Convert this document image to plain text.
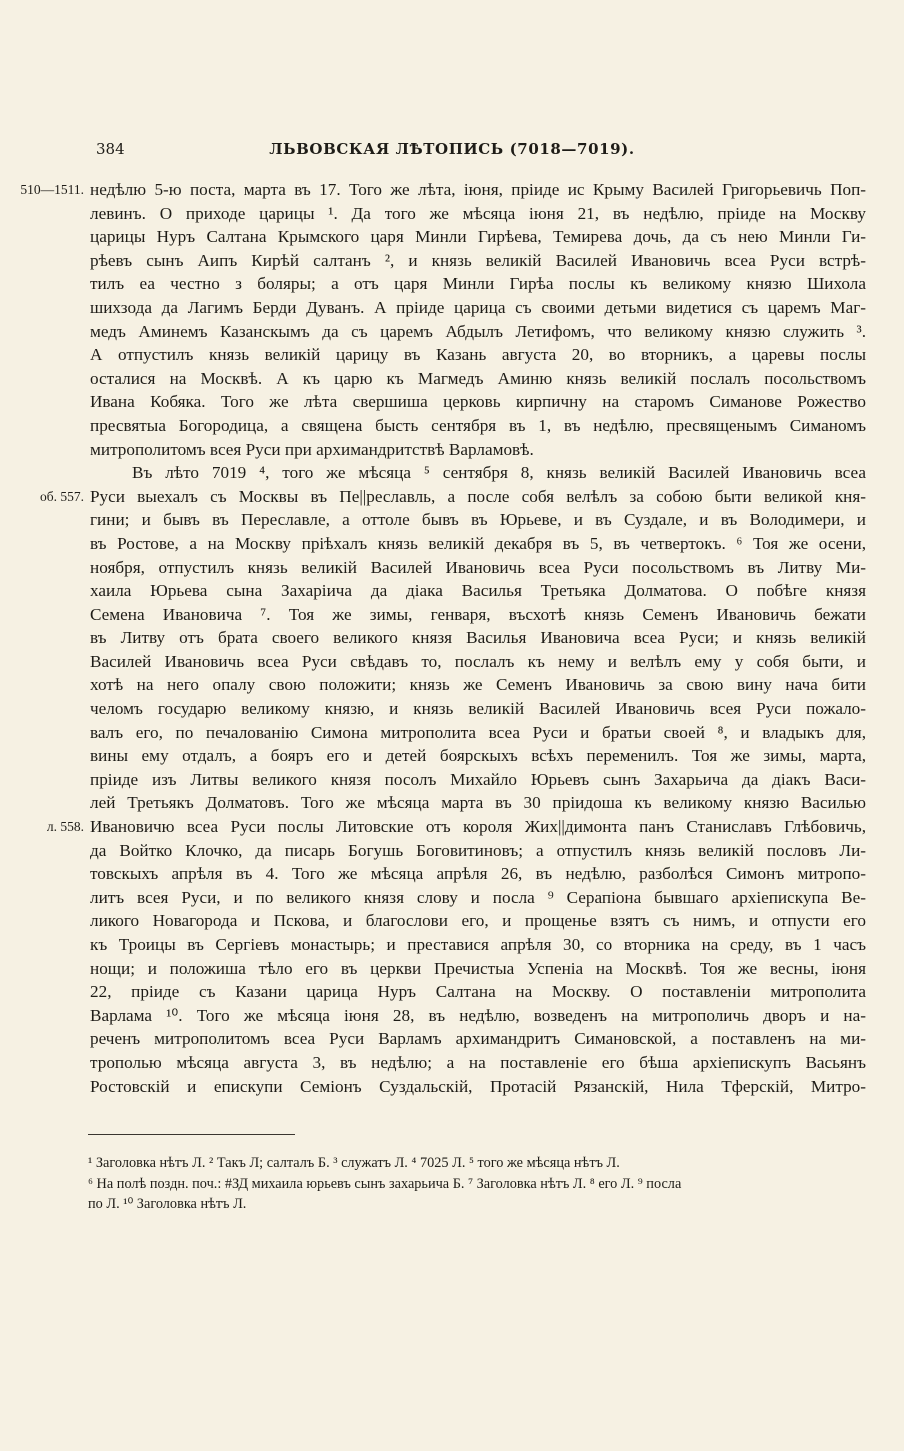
384	ЛЬВОВСКАЯ ЛѢТОПИСЬ (7018—7019).
недѣлю 5-ю поста, марта въ 17. Того же лѣта, iюня, прiиде ис Крыму Василей Григорьевичь Поп-
510—1511.
левинъ. О приходе царицы ¹. Да того же мѣсяца iюня 21, въ недѣлю, прiиде на Москву
царицы Нуръ Салтана Крымского царя Минли Гирѣева, Темирева дочь, да съ нею Минли Ги-
рѣевъ сынъ Аипъ Кирѣй салтанъ ², и князь великiй Василей Ивановичь всеа Руси встрѣ-
тилъ еа честно з боляры; а отъ царя Минли Гирѣа послы къ великому князю Шихола
шихзода да Лагимъ Берди Дуванъ. А прiиде царица съ своими детьми видетися съ царемъ Маг-
медъ Аминемъ Казанскымъ да съ царемъ Абдылъ Летифомъ, что великому князю служить ³.
А отпустилъ князь великiй царицу въ Казань августа 20, во вторникъ, а царевы послы
осталися на Москвѣ. А къ царю къ Магмедъ Аминю князь великiй послалъ посольствомъ
Ивана Кобяка. Того же лѣта свершиша церковь кирпичну на старомъ Симанове Рожество
пресвятыа Богородица, а священа бысть сентября въ 1, въ недѣлю, пресвященымъ Симаномъ
митрополитомъ всея Руси при архимандритствѣ Варламовѣ.
Въ лѣто 7019 ⁴, того же мѣсяца ⁵ сентября 8, князь великiй Василей Ивановичь всеа
Руси выехалъ съ Москвы въ Пе||реславль, а после собя велѣлъ за собою быти великой кня-
об. 557.
гини; и бывъ въ Переславле, а оттоле бывъ въ Юрьеве, и въ Суздале, и въ Володимери, и
въ Ростове, а на Москву прiѣхалъ князь великiй декабря въ 5, въ четвертокъ. ⁶ Тоя же осени,
ноября, отпустилъ князь великiй Василей Ивановичь всеа Руси посольствомъ въ Литву Ми-
хаила Юрьева сына Захарiича да дiака Василья Третьяка Долматова. О побѣге князя
Семена Ивановича ⁷. Тоя же зимы, генваря, въсхотѣ князь Семенъ Ивановичь бежати
въ Литву отъ брата своего великого князя Василья Ивановича всеа Руси; и князь великiй
Василей Ивановичь всеа Руси свѣдавъ то, послалъ къ нему и велѣлъ ему у собя быти, и
хотѣ на него опалу свою положити; князь же Семенъ Ивановичь за свою вину нача бити
челомъ государю великому князю, и князь великiй Василей Ивановичь всея Руси пожало-
валъ его, по печалованiю Симона митрополита всеа Руси и братьи своей ⁸, и владыкъ для,
вины ему отдалъ, а бояръ его и детей боярскыхъ всѣхъ переменилъ. Тоя же зимы, марта,
прiиде изъ Литвы великого князя посолъ Михайло Юрьевъ сынъ Захарьича да дiакъ Васи-
лей Третьякъ Долматовъ. Того же мѣсяца марта въ 30 прiидоша къ великому князю Василью
Ивановичю всеа Руси послы Литовские отъ короля Жих||димонта панъ Станиславъ Глѣбовичь,
л. 558.
да Войтко Клочко, да писарь Богушь Боговитиновъ; а отпустилъ князь великiй пословъ Ли-
товскыхъ апрѣля въ 4. Того же мѣсяца апрѣля 26, въ недѣлю, разболѣся Симонъ митропо-
литъ всея Руси, и по великого князя слову и посла ⁹ Серапiона бывшаго архiепискупа Ве-
ликого Новагорода и Пскова, и благослови его, и прощенье взятъ съ нимъ, и отпусти его
къ Троицы въ Сергiевъ монастырь; и преставися апрѣля 30, со вторника на среду, въ 1 часъ
нощи; и положиша тѣло его въ церкви Пречистыа Успенiа на Москвѣ. Тоя же весны, iюня
22, прiиде съ Казани царица Нуръ Салтана на Москву. О поставленiи митрополита
Варлама ¹⁰. Того же мѣсяца iюня 28, въ недѣлю, возведенъ на митрополичь дворъ и на-
реченъ митрополитомъ всеа Руси Варламъ архимандритъ Симановской, а поставленъ на ми-
трополью мѣсяца августа 3, въ недѣлю; а на поставленiе его бѣша архiепискупъ Васьянъ
Ростовскiй и епискупи Семiонъ Суздальскiй, Протасiй Рязанскiй, Нила Тферскiй, Митро-
¹ Заголовка нѣтъ Л. ² Такъ Л; салталъ Б. ³ служатъ Л. ⁴ 7025 Л. ⁵ того же мѣсяца нѣтъ Л.
⁶ На полѣ поздн. поч.: #ЗД михаила юрьевъ сынъ захарьича Б. ⁷ Заголовка нѣтъ Л. ⁸ его Л. ⁹ посла
по Л. ¹⁰ Заголовка нѣтъ Л.
